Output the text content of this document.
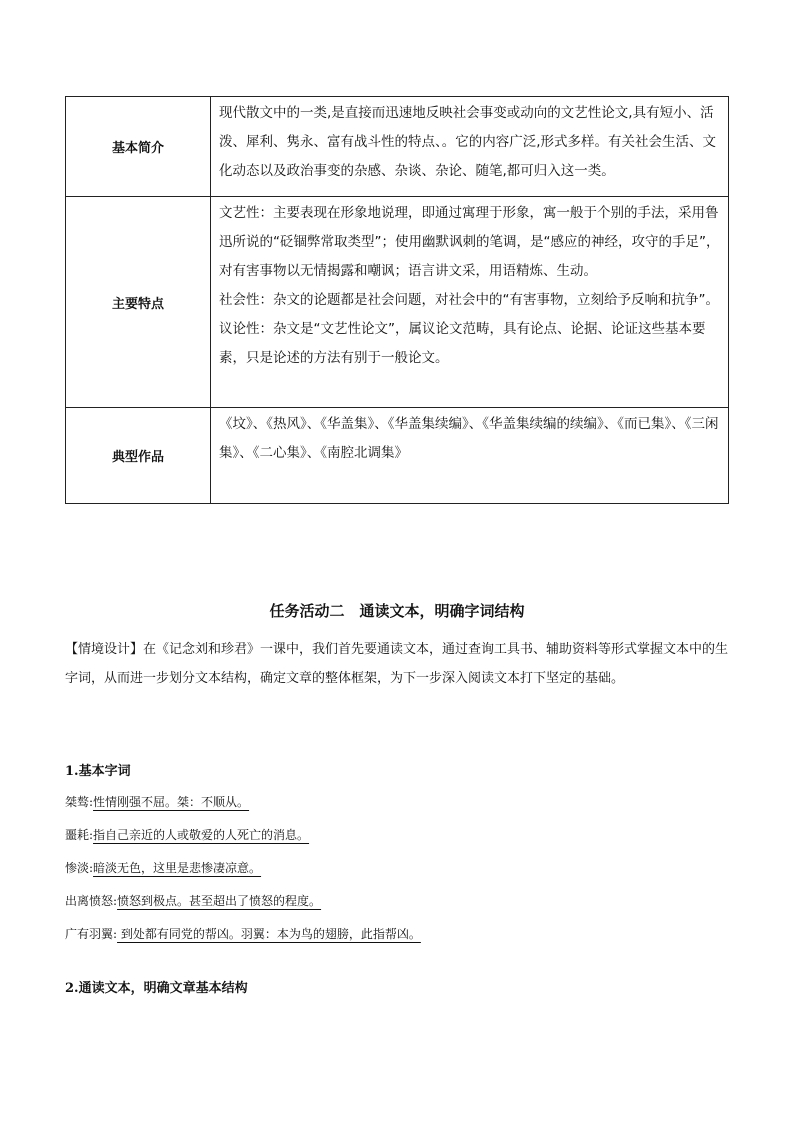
基本简介	现代散文中的一类,是直接而迅速地反映社会事变或动向的文艺性论文,具有短小、活泼、犀利、隽永、富有战斗性的特点、。它的内容广泛,形式多样。有关社会生活、文化动态以及政治事变的杂感、杂谈、杂论、随笔,都可归入这一类。

主要特点	文艺性：主要表现在形象地说理，即通过寓理于形象，寓一般于个别的手法，采用鲁迅所说的“砭锢弊常取类型”；使用幽默讽刺的笔调，是“感应的神经，攻守的手足”，对有害事物以无情揭露和嘲讽；语言讲文采，用语精炼、生动。

社会性：杂文的论题都是社会问题，对社会中的“有害事物，立刻给予反响和抗争”。

议论性：杂文是“文艺性论文”，属议论文范畴，具有论点、论据、论证这些基本要素，只是论述的方法有别于一般论文。

典型作品	《坟》、《热风》、《华盖集》、《华盖集续编》、《华盖集续编的续编》、《而已集》、《三闲集》、《二心集》、《南腔北调集》

任务活动二　通读文本，明确字词结构
【情境设计】在《记念刘和珍君》一课中，我们首先要通读文本，通过查询工具书、辅助资料等形式掌握文本中的生字词，从而进一步划分文本结构，确定文章的整体框架，为下一步深入阅读文本打下坚定的基础。
1.基本字词
桀骜:性情刚强不屈。桀：不顺从。
噩耗:指自己亲近的人或敬爱的人死亡的消息。
惨淡:暗淡无色，这里是悲惨凄凉意。
出离愤怒:愤怒到极点。甚至超出了愤怒的程度。
广有羽翼: 到处都有同党的帮凶。羽翼：本为鸟的翅膀，此指帮凶。
2.通读文本，明确文章基本结构
